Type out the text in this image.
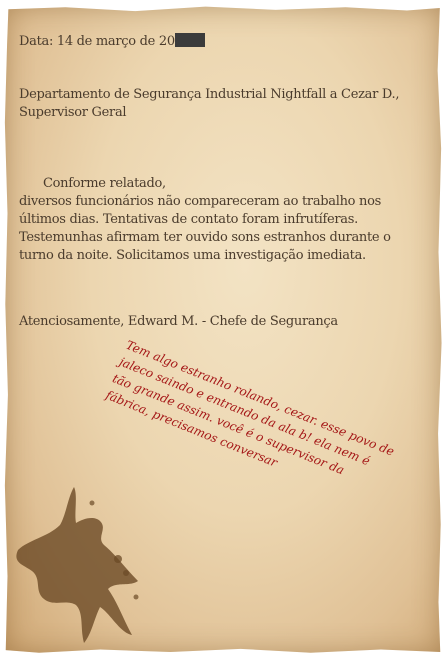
Data: 14 de março de 20
Departamento de Segurança Industrial Nightfall a Cezar D., Supervisor Geral
Conforme relatado,
diversos funcionários não compareceram ao trabalho nos últimos dias. Tentativas de contato foram infrutíferas. Testemunhas afirmam ter ouvido sons estranhos durante o turno da noite. Solicitamos uma investigação imediata.
Atenciosamente, Edward M. - Chefe de Segurança
Tem algo estranho rolando, cezar. esse povo de jaleco saindo e entrando da ala b! ela nem é tão grande assim. você é o supervisor da fábrica, precisamos conversar
